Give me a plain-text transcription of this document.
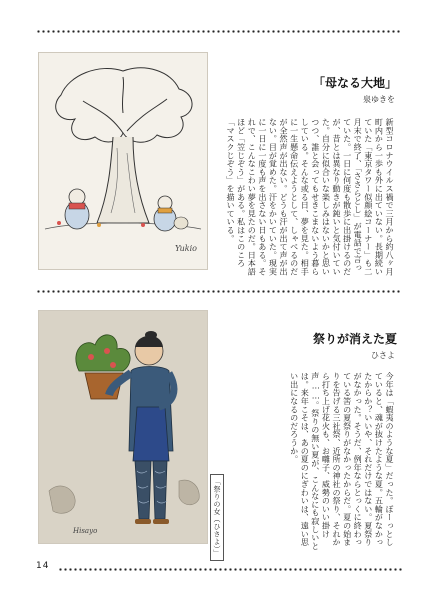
Yukio
「母なる大地」
泉ゆきを
新型コロナウイルス禍で三月から約八ヶ月町内から一歩も外に出ていない。長期続いていた「東京タワー似顔絵コーナー」も二月末で終了、「ささらとし」が電話で言っていた。一日に何度も散歩に出掛けるのだが、昔とは異なり動きが鈍いと気付いていた。自分に似合いな楽しみはないかと思いつつ、誰と会ってもせきこまないよう暮らしている。そんな或る日、夢を見た。相手に一生懸命伝えようとして、しゃべるのだが全然声が出ない。どうも汗が出て声が出ない。目が覚めた。汗をかいていた。現実に一日に一度も声を出さない日もある。それで、こんなこわい夢を見たのだ。日本語ほど「笠じぞう」がある。私はこのころ「マスクじぞう」を描いている。
Hisayo	「祭りの女（ひさよ）」
祭りが消えた夏
ひさよ
今年は「蝦夷のような夏」だった。ぼーっとしていると、魂が抜けたような夏。五輪がなかったからか？いいや、それだけではない。夏祭りがなかった。そうだ、例年ならとっくに終わっている筈の夏祭りがなかったからだ。夏の始まりを告げる三社祭、近所の神社の祭り、それから打ち上げ花火も、お囃子、威勢のいい掛け声……。祭りの無い夏が、こんなにも寂しいとは。来年こそは、あの夏のにぎわいは、遠い思い出になるのだろうか。
14
